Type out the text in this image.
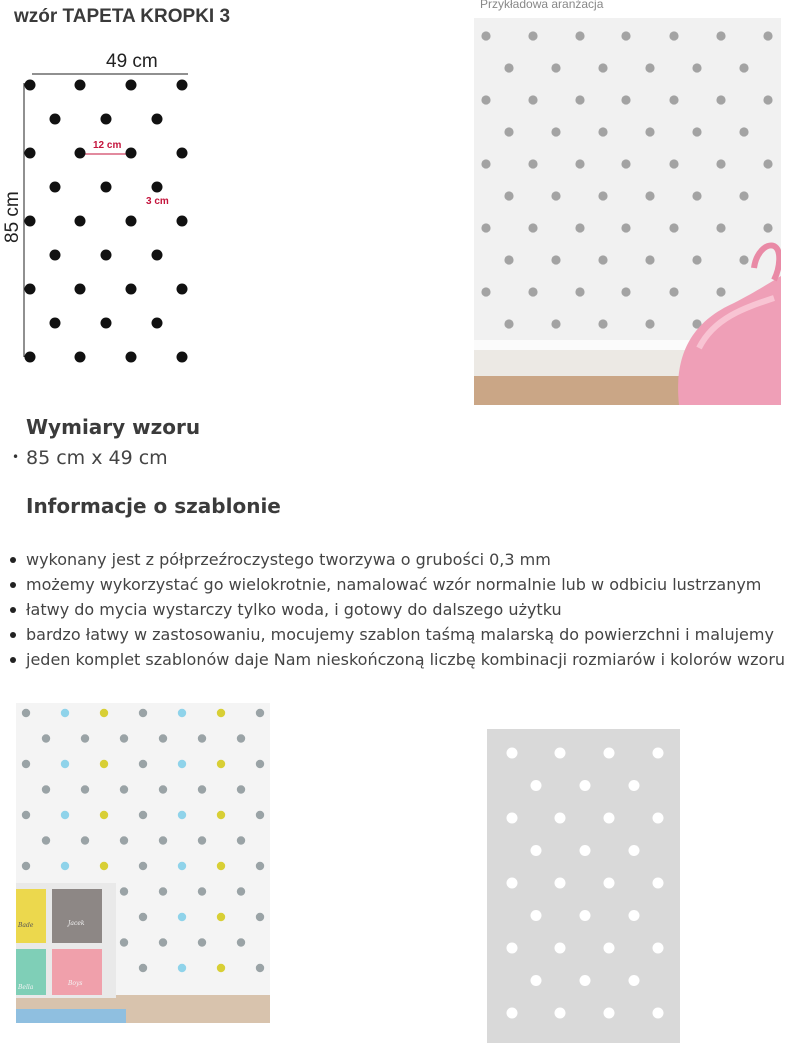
wzór TAPETA KROPKI 3
49 cm
85 cm
12 cm
3 cm
Przykładowa aranżacja
Wymiary wzoru
• 85 cm x 49 cm
Informacje o szablonie
wykonany jest z półprzeźroczystego tworzywa o grubości 0,3 mm
możemy wykorzystać go wielokrotnie, namalować wzór normalnie lub w odbiciu lustrzanym
łatwy do mycia wystarczy tylko woda, i gotowy do dalszego użytku
bardzo łatwy w zastosowaniu, mocujemy szablon taśmą malarską do powierzchni i malujemy
jeden komplet szablonów daje Nam nieskończoną liczbę kombinacji rozmiarów i kolorów wzoru
Bade	Jacek
Bella
Boys
